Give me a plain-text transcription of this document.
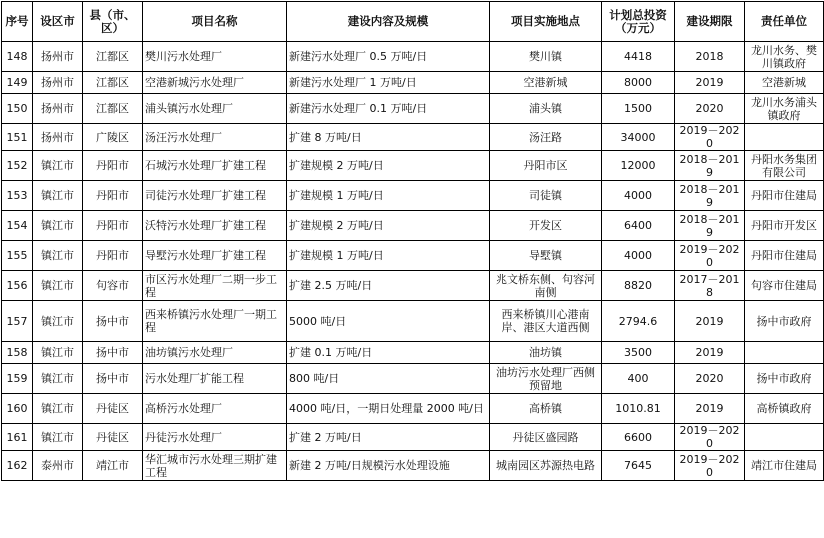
序号	设区市	县（市、区）	项目名称	建设内容及规模	项目实施地点	计划总投资（万元）	建设期限	责任单位
148	扬州市	江都区	樊川污水处理厂	新建污水处理厂 0.5 万吨/日	樊川镇	4418	2018	龙川水务、樊川镇政府
149	扬州市	江都区	空港新城污水处理厂	新建污水处理厂 1 万吨/日	空港新城	8000	2019	空港新城
150	扬州市	江都区	浦头镇污水处理厂	新建污水处理厂 0.1 万吨/日	浦头镇	1500	2020	龙川水务浦头镇政府
151	扬州市	广陵区	汤汪污水处理厂	扩建 8 万吨/日	汤汪路	34000	2019－2020	
152	镇江市	丹阳市	石城污水处理厂扩建工程	扩建规模 2 万吨/日	丹阳市区	12000	2018－2019	丹阳水务集团有限公司
153	镇江市	丹阳市	司徒污水处理厂扩建工程	扩建规模 1 万吨/日	司徒镇	4000	2018－2019	丹阳市住建局
154	镇江市	丹阳市	沃特污水处理厂扩建工程	扩建规模 2 万吨/日	开发区	6400	2018－2019	丹阳市开发区
155	镇江市	丹阳市	导墅污水处理厂扩建工程	扩建规模 1 万吨/日	导墅镇	4000	2019－2020	丹阳市住建局
156	镇江市	句容市	市区污水处理厂二期一步工程	扩建 2.5 万吨/日	兆文桥东侧、句容河南侧	8820	2017－2018	句容市住建局
157	镇江市	扬中市	西来桥镇污水处理厂一期工程	5000 吨/日	西来桥镇川心港南岸、港区大道西侧	2794.6	2019	扬中市政府
158	镇江市	扬中市	油坊镇污水处理厂	扩建 0.1 万吨/日	油坊镇	3500	2019	
159	镇江市	扬中市	污水处理厂扩能工程	800 吨/日	油坊污水处理厂西侧预留地	400	2020	扬中市政府
160	镇江市	丹徒区	高桥污水处理厂	4000 吨/日，一期日处理量 2000 吨/日	高桥镇	1010.81	2019	高桥镇政府
161	镇江市	丹徒区	丹徒污水处理厂	扩建 2 万吨/日	丹徒区盛园路	6600	2019－2020	
162	泰州市	靖江市	华汇城市污水处理三期扩建工程	新建 2 万吨/日规模污水处理设施	城南园区苏源热电路	7645	2019－2020	靖江市住建局
